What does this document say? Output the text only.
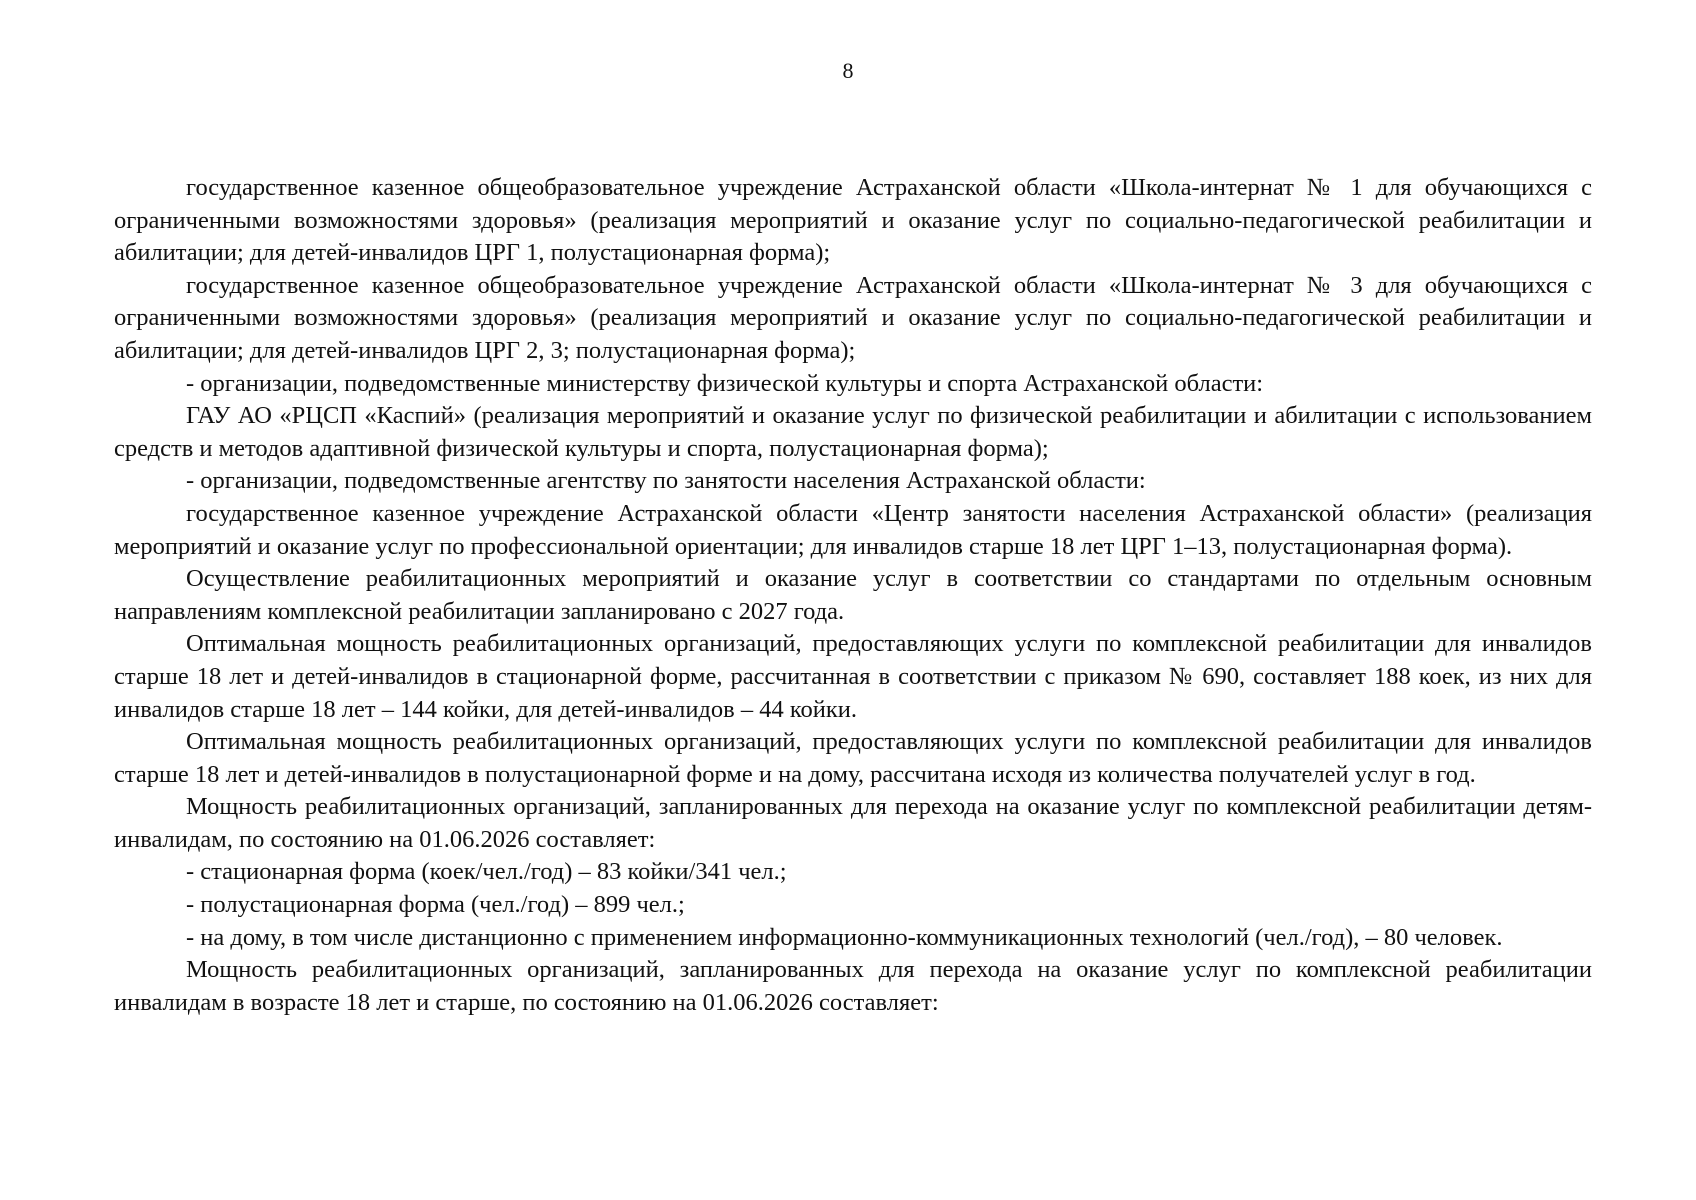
8

государственное казенное общеобразовательное учреждение Астраханской области «Школа-интернат № 1 для обучающихся с ограниченными возможностями здоровья» (реализация мероприятий и оказание услуг по социально-педагогической реабилитации и абилитации; для детей-инвалидов ЦРГ 1, полустационарная форма);

государственное казенное общеобразовательное учреждение Астраханской области «Школа-интернат № 3 для обучающихся с ограниченными возможностями здоровья» (реализация мероприятий и оказание услуг по социально-педагогической реабилитации и абилитации; для детей-инвалидов ЦРГ 2, 3; полустационарная форма);

- организации, подведомственные министерству физической культуры и спорта Астраханской области:

ГАУ АО «РЦСП «Каспий» (реализация мероприятий и оказание услуг по физической реабилитации и абилитации с использованием средств и методов адаптивной физической культуры и спорта, полустационарная форма);

- организации, подведомственные агентству по занятости населения Астраханской области:

государственное казенное учреждение Астраханской области «Центр занятости населения Астраханской области» (реализация мероприятий и оказание услуг по профессиональной ориентации; для инвалидов старше 18 лет ЦРГ 1–13, полустационарная форма).

Осуществление реабилитационных мероприятий и оказание услуг в соответствии со стандартами по отдельным основным направлениям комплексной реабилитации запланировано с 2027 года.

Оптимальная мощность реабилитационных организаций, предоставляющих услуги по комплексной реабилитации для инвалидов старше 18 лет и детей-инвалидов в стационарной форме, рассчитанная в соответствии с приказом № 690, составляет 188 коек, из них для инвалидов старше 18 лет – 144 койки, для детей-инвалидов – 44 койки.

Оптимальная мощность реабилитационных организаций, предоставляющих услуги по комплексной реабилитации для инвалидов старше 18 лет и детей-инвалидов в полустационарной форме и на дому, рассчитана исходя из количества получателей услуг в год.

Мощность реабилитационных организаций, запланированных для перехода на оказание услуг по комплексной реабилитации детям-инвалидам, по состоянию на 01.06.2026 составляет:

- стационарная форма (коек/чел./год) – 83 койки/341 чел.;

- полустационарная форма (чел./год) – 899 чел.;

- на дому, в том числе дистанционно с применением информационно-коммуникационных технологий (чел./год), – 80 человек.

Мощность реабилитационных организаций, запланированных для перехода на оказание услуг по комплексной реабилитации инвалидам в возрасте 18 лет и старше, по состоянию на 01.06.2026 составляет:
